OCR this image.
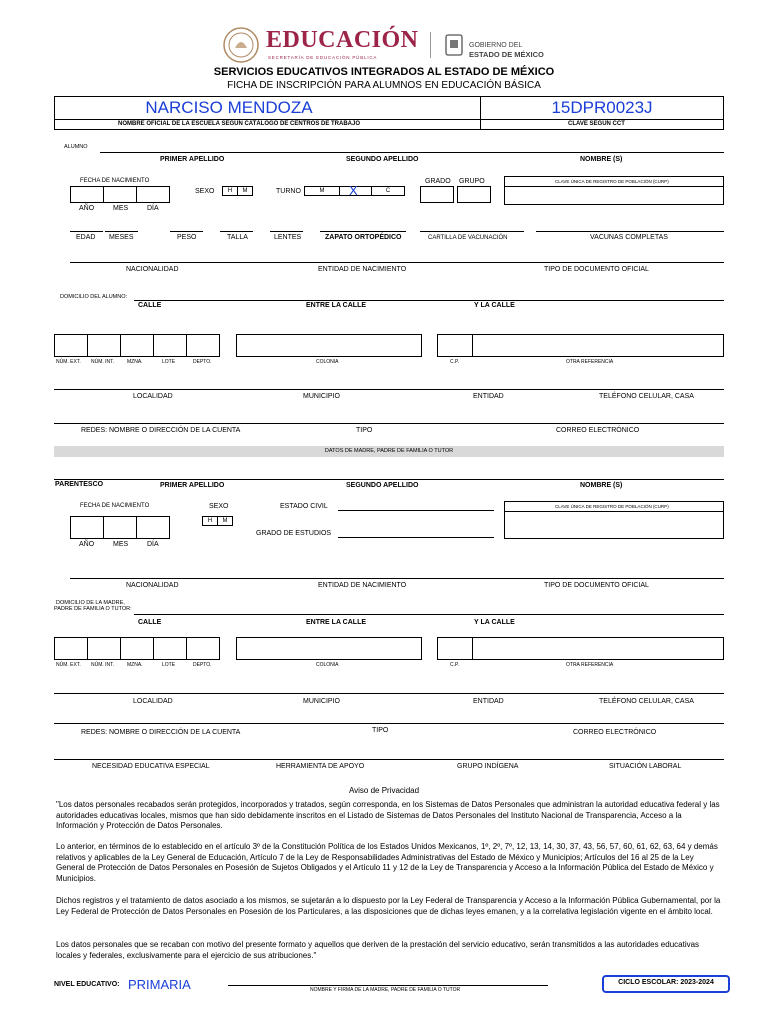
EDUCACIÓN
SECRETARÍA DE EDUCACIÓN PÚBLICA
GOBIERNO DEL
ESTADO DE MÉXICO
SERVICIOS EDUCATIVOS INTEGRADOS AL ESTADO DE MÉXICO
FICHA DE INSCRIPCIÓN PARA ALUMNOS EN EDUCACIÓN BÁSICA
NARCISO MENDOZA	15DPR0023J
NOMBRE OFICIAL DE LA ESCUELA SEGÚN CATÁLOGO DE CENTROS DE TRABAJO	CLAVE SEGÚN CCT
ALUMNO
PRIMER APELLIDO	SEGUNDO APELLIDO	NOMBRE (S)
FECHA DE NACIMIENTO
AÑO	MES	DÍA
SEXO	H	M	TURNO	M	X	C
GRADO GRUPO	CLAVE ÚNICA DE REGISTRO DE POBLACIÓN (CURP)
EDAD MESES	PESO	TALLA	LENTES	ZAPATO ORTOPÉDICO	CARTILLA DE VACUNACIÓN	VACUNAS COMPLETAS
NACIONALIDAD	ENTIDAD DE NACIMIENTO	TIPO DE DOCUMENTO OFICIAL
DOMICILIO DEL ALUMNO:
CALLE	ENTRE LA CALLE	Y LA CALLE
NÚM. EXT. NÚM. INT.	MZNA.	LOTE	DEPTO.	COLONIA	C.P.	OTRA REFERENCIA
LOCALIDAD	MUNICIPIO	ENTIDAD	TELÉFONO CELULAR, CASA
REDES: NOMBRE O DIRECCIÓN DE LA CUENTA	TIPO	CORREO ELECTRÓNICO
DATOS DE MADRE, PADRE DE FAMILIA O TUTOR
PARENTESCO	PRIMER APELLIDO	SEGUNDO APELLIDO	NOMBRE (S)
FECHA DE NACIMIENTO
AÑO	MES	DÍA
SEXO
H	M
ESTADO CIVIL
GRADO DE ESTUDIOS
CLAVE ÚNICA DE REGISTRO DE POBLACIÓN (CURP)
NACIONALIDAD	ENTIDAD DE NACIMIENTO	TIPO DE DOCUMENTO OFICIAL
DOMICILIO DE LA MADRE,
PADRE DE FAMILIA O TUTOR:
CALLE	ENTRE LA CALLE	Y LA CALLE
NÚM. EXT. NÚM. INT.	MZNA.	LOTE	DEPTO.	COLONIA	C.P.	OTRA REFERENCIA
LOCALIDAD	MUNICIPIO	ENTIDAD	TELÉFONO CELULAR, CASA
REDES: NOMBRE O DIRECCIÓN DE LA CUENTA	TIPO	CORREO ELECTRÓNICO
NECESIDAD EDUCATIVA ESPECIAL	HERRAMIENTA DE APOYO	GRUPO INDÍGENA	SITUACIÓN LABORAL
Aviso de Privacidad
"Los datos personales recabados serán protegidos, incorporados y tratados, según corresponda, en los Sistemas de Datos Personales que administran la autoridad educativa federal y las autoridades educativas locales, mismos que han sido debidamente inscritos en el Listado de Sistemas de Datos Personales del Instituto Nacional de Transparencia, Acceso a la Información y Protección de Datos Personales.
Lo anterior, en términos de lo establecido en el artículo 3º de la Constitución Política de los Estados Unidos Mexicanos, 1º, 2º, 7º, 12, 13, 14, 30, 37, 43, 56, 57, 60, 61, 62, 63, 64 y demás relativos y aplicables de la Ley General de Educación, Artículo 7 de la Ley de Responsabilidades Administrativas del Estado de México y Municipios; Artículos del 16 al 25 de la Ley General de Protección de Datos Personales en Posesión de Sujetos Obligados y el Artículo 11 y 12 de la Ley de Transparencia y Acceso a la Información Pública del Estado de México y Municipios.
Dichos registros y el tratamiento de datos asociado a los mismos, se sujetarán a lo dispuesto por la Ley Federal de Transparencia y Acceso a la Información Pública Gubernamental, por la Ley Federal de Protección de Datos Personales en Posesión de los Particulares, a las disposiciones que de dichas leyes emanen, y a la correlativa legislación vigente en el ámbito local.
Los datos personales que se recaban con motivo del presente formato y aquellos que deriven de la prestación del servicio educativo, serán transmitidos a las autoridades educativas locales y federales, exclusivamente para el ejercicio de sus atribuciones."
NIVEL EDUCATIVO: PRIMARIA	NOMBRE Y FIRMA DE LA MADRE, PADRE DE FAMILIA O TUTOR
CICLO ESCOLAR: 2023-2024
